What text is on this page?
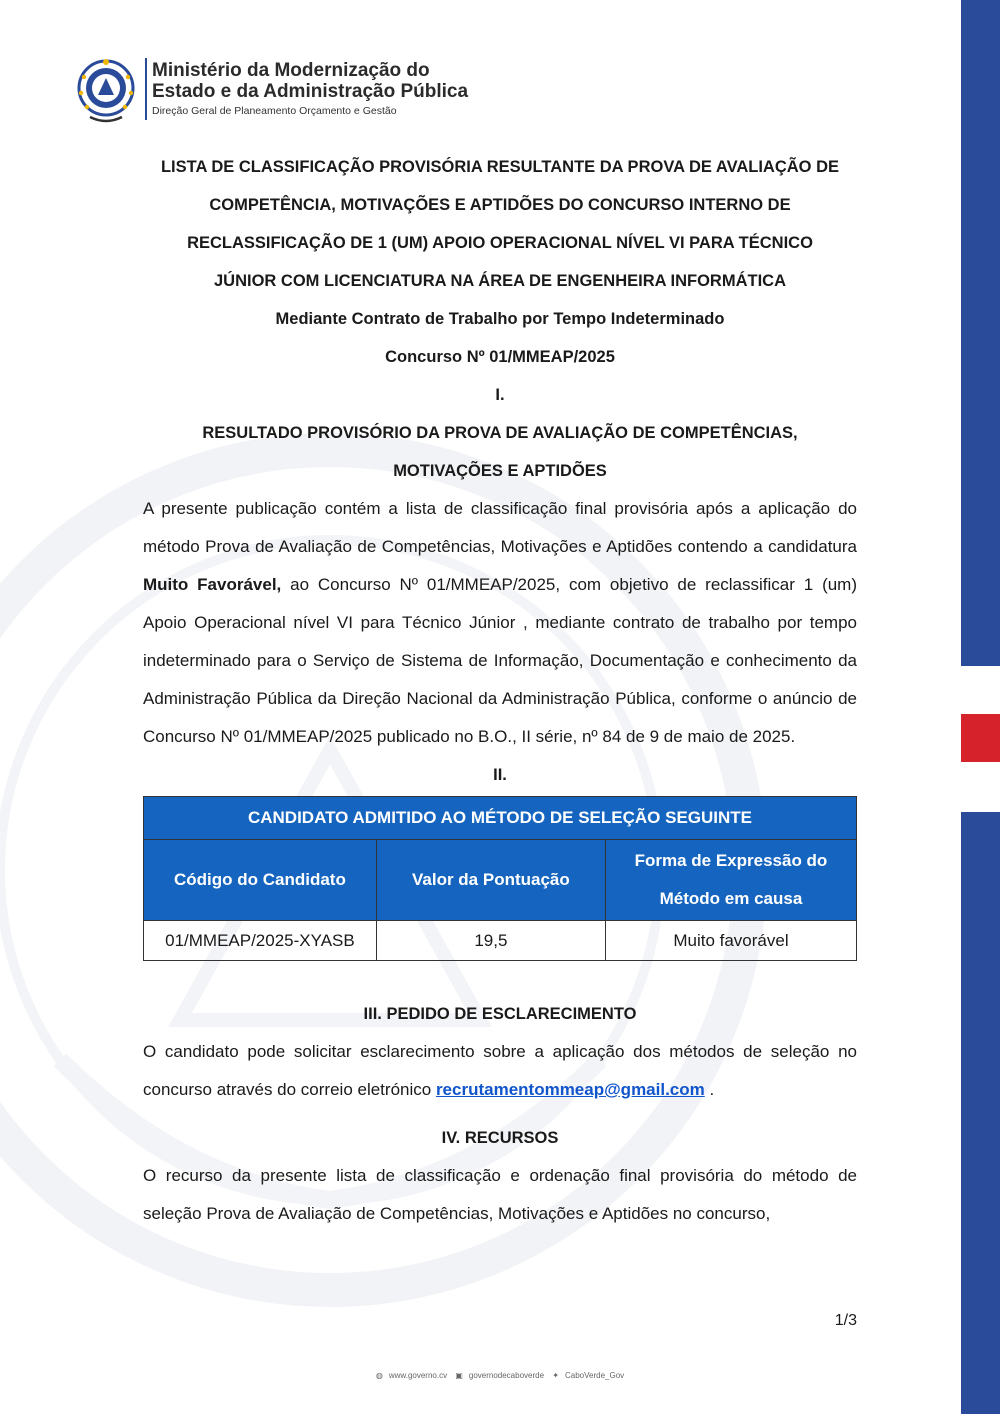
Ministério da Modernização do
Estado e da Administração Pública
Direção Geral de Planeamento Orçamento e Gestão

LISTA DE CLASSIFICAÇÃO PROVISÓRIA RESULTANTE DA PROVA DE AVALIAÇÃO DE

COMPETÊNCIA, MOTIVAÇÕES E APTIDÕES DO CONCURSO INTERNO DE

RECLASSIFICAÇÃO DE 1 (UM) APOIO OPERACIONAL NÍVEL VI PARA TÉCNICO

JÚNIOR COM LICENCIATURA NA ÁREA DE ENGENHEIRA INFORMÁTICA

Mediante Contrato de Trabalho por Tempo Indeterminado

Concurso Nº 01/MMEAP/2025

I.

RESULTADO PROVISÓRIO DA PROVA DE AVALIAÇÃO DE COMPETÊNCIAS,

MOTIVAÇÕES E APTIDÕES

A presente publicação contém a lista de classificação final provisória após a aplicação do método Prova de Avaliação de Competências, Motivações e Aptidões contendo a candidatura Muito Favorável, ao Concurso Nº 01/MMEAP/2025, com objetivo de reclassificar 1 (um) Apoio Operacional nível VI para Técnico Júnior , mediante contrato de trabalho por tempo indeterminado para o Serviço de Sistema de Informação, Documentação e conhecimento da Administração Pública da Direção Nacional da Administração Pública, conforme o anúncio de Concurso Nº 01/MMEAP/2025 publicado no B.O., II série, nº 84 de 9 de maio de 2025.

II.

CANDIDATO ADMITIDO AO MÉTODO DE SELEÇÃO SEGUINTE		
Código do Candidato	Valor da Pontuação	Forma de Expressão do Método em causa
01/MMEAP/2025-XYASB	19,5	Muito favorável

III. PEDIDO DE ESCLARECIMENTO

O candidato pode solicitar esclarecimento sobre a aplicação dos métodos de seleção no concurso através do correio eletrónico recrutamentommeap@gmail.com .

IV. RECURSOS

O recurso da presente lista de classificação e ordenação final provisória do método de seleção Prova de Avaliação de Competências, Motivações e Aptidões no concurso,

1/3
◍ www.governo.cv ▣ governodecaboverde ✦ CaboVerde_Gov
